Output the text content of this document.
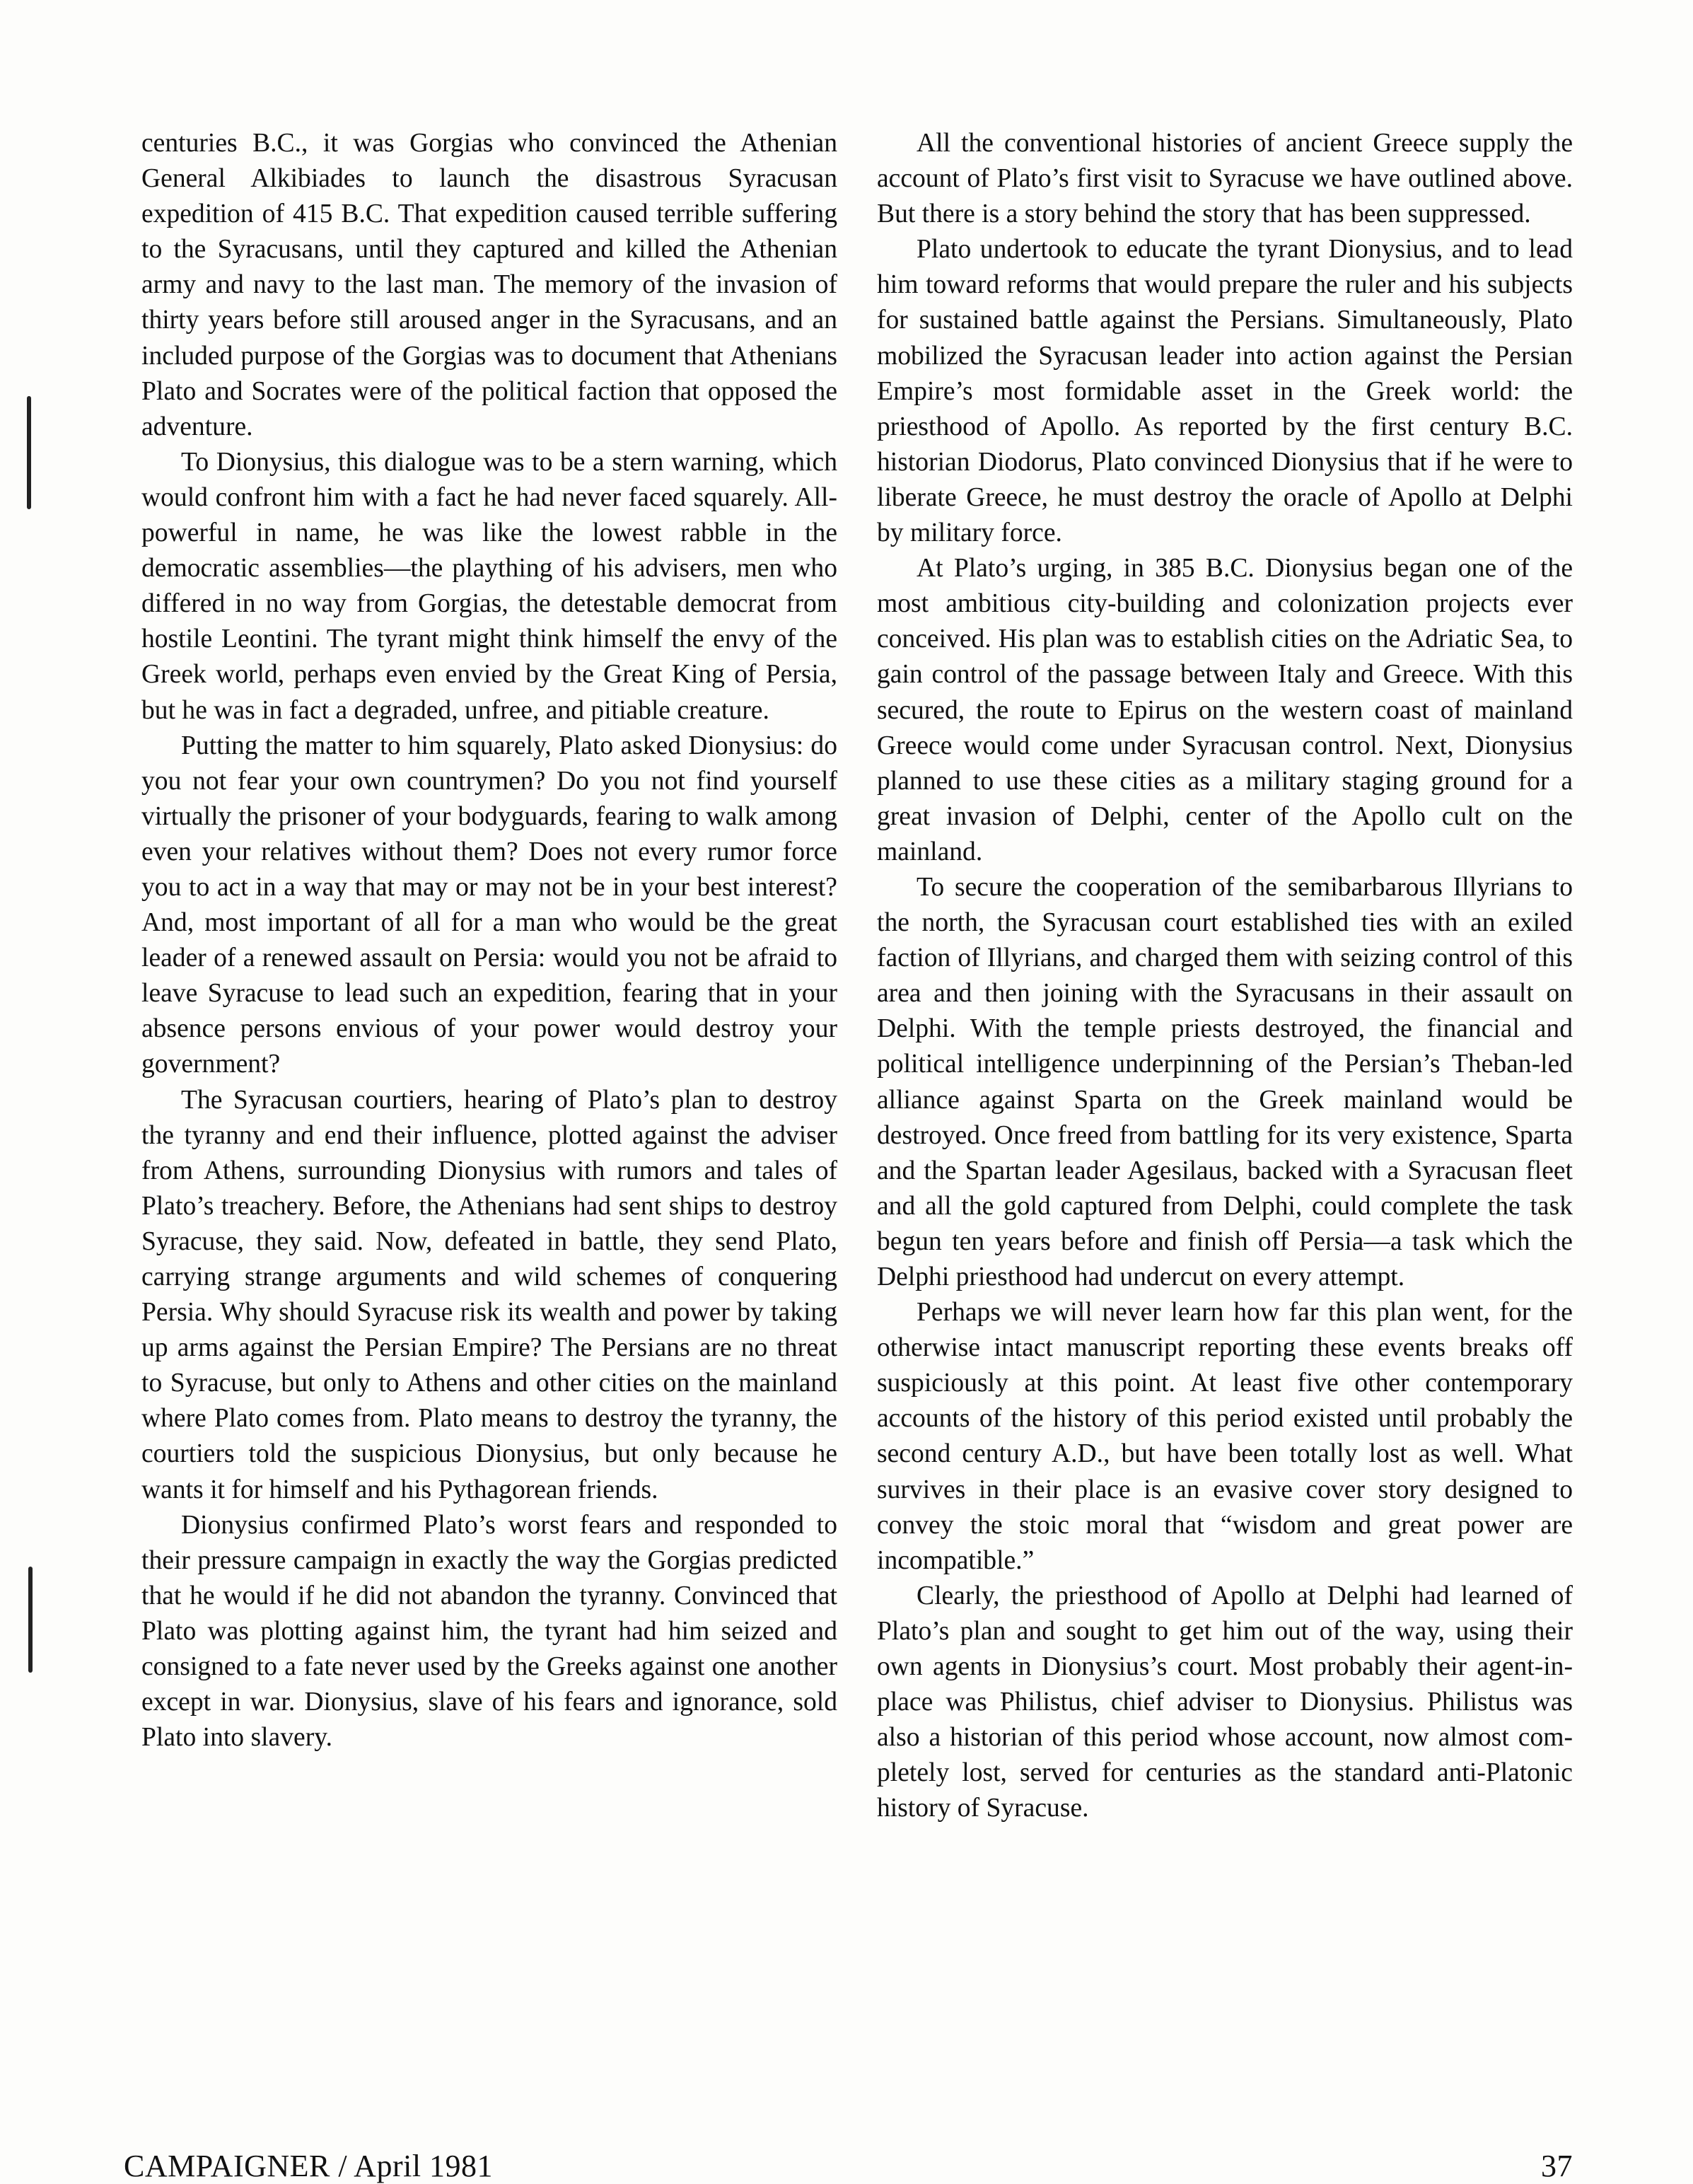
centuries B.C., it was Gorgias who convinced the Athenian General Alkibiades to launch the disastrous Syracusan expedition of 415 B.C. That expedition caused terrible suffering to the Syracusans, until they captured and killed the Athenian army and navy to the last man. The memory of the invasion of thirty years before still aroused anger in the Syracusans, and an included purpose of the Gorgias was to document that Athenians Plato and Socrates were of the political faction that opposed the adventure.

To Dionysius, this dialogue was to be a stern warning, which would confront him with a fact he had never faced squarely. All-powerful in name, he was like the lowest rabble in the democratic assemblies—the plaything of his advisers, men who differed in no way from Gorgias, the detestable democrat from hostile Leontini. The tyrant might think himself the envy of the Greek world, perhaps even envied by the Great King of Persia, but he was in fact a degraded, unfree, and pitiable creature.

Putting the matter to him squarely, Plato asked Dionysius: do you not fear your own countrymen? Do you not find yourself virtually the prisoner of your bodyguards, fearing to walk among even your relatives without them? Does not every rumor force you to act in a way that may or may not be in your best interest? And, most important of all for a man who would be the great leader of a renewed assault on Persia: would you not be afraid to leave Syracuse to lead such an expedition, fearing that in your absence persons envious of your power would destroy your government?

The Syracusan courtiers, hearing of Plato’s plan to destroy the tyranny and end their influence, plotted against the adviser from Athens, surrounding Dionysius with rumors and tales of Plato’s treachery. Before, the Athenians had sent ships to destroy Syracuse, they said. Now, defeated in battle, they send Plato, carrying strange arguments and wild schemes of conquering Persia. Why should Syracuse risk its wealth and power by taking up arms against the Persian Empire? The Persians are no threat to Syracuse, but only to Athens and other cities on the mainland where Plato comes from. Plato means to destroy the tyranny, the courtiers told the suspicious Dionysius, but only because he wants it for himself and his Pythagorean friends.

Dionysius confirmed Plato’s worst fears and responded to their pressure campaign in exactly the way the Gorgias predicted that he would if he did not abandon the tyranny. Convinced that Plato was plotting against him, the tyrant had him seized and consigned to a fate never used by the Greeks against one another except in war. Dionysius, slave of his fears and ignorance, sold Plato into slavery.

All the conventional histories of ancient Greece supply the account of Plato’s first visit to Syracuse we have outlined above. But there is a story behind the story that has been suppressed.

Plato undertook to educate the tyrant Dionysius, and to lead him toward reforms that would prepare the ruler and his subjects for sustained battle against the Persians. Simultaneously, Plato mobilized the Syracusan leader into action against the Persian Empire’s most formidable asset in the Greek world: the priesthood of Apollo. As reported by the first century B.C. historian Diodorus, Plato convinced Dionysius that if he were to liberate Greece, he must destroy the oracle of Apollo at Delphi by military force.

At Plato’s urging, in 385 B.C. Dionysius began one of the most ambitious city-building and colonization projects ever conceived. His plan was to establish cities on the Adriatic Sea, to gain control of the passage between Italy and Greece. With this secured, the route to Epirus on the western coast of mainland Greece would come under Syracusan control. Next, Dionysius planned to use these cities as a military staging ground for a great invasion of Delphi, center of the Apollo cult on the mainland.

To secure the cooperation of the semibarbarous Illyrians to the north, the Syracusan court established ties with an exiled faction of Illyrians, and charged them with seizing control of this area and then joining with the Syracusans in their assault on Delphi. With the temple priests destroyed, the financial and political intelligence underpinning of the Persian’s Theban-led alliance against Sparta on the Greek mainland would be destroyed. Once freed from battling for its very existence, Sparta and the Spartan leader Agesilaus, backed with a Syracusan fleet and all the gold captured from Delphi, could complete the task begun ten years before and finish off Persia—a task which the Delphi priesthood had undercut on every attempt.

Perhaps we will never learn how far this plan went, for the otherwise intact manuscript reporting these events breaks off suspiciously at this point. At least five other contemporary accounts of the history of this period existed until probably the second century A.D., but have been totally lost as well. What survives in their place is an evasive cover story designed to convey the stoic moral that “wisdom and great power are incompatible.”

Clearly, the priesthood of Apollo at Delphi had learned of Plato’s plan and sought to get him out of the way, using their own agents in Dionysius’s court. Most probably their agent-in-place was Philistus, chief adviser to Dionysius. Philistus was also a historian of this period whose account, now almost completely lost, served for centuries as the standard anti-Platonic history of Syracuse.

CAMPAIGNER / April 1981	37
